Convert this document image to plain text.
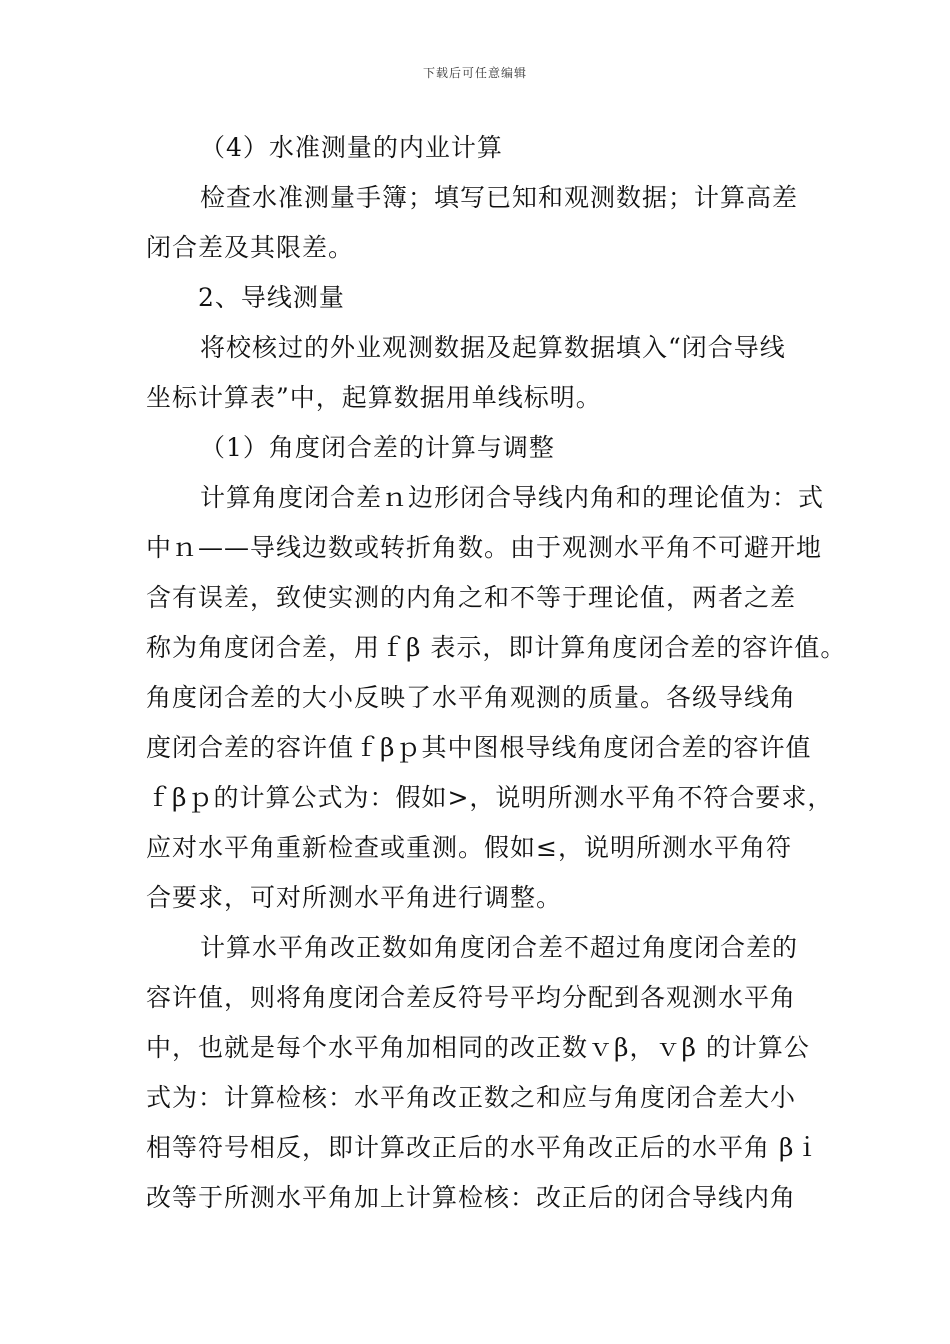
下载后可任意编辑
（4）水准测量的内业计算
检查水准测量手簿；填写已知和观测数据；计算高差
闭合差及其限差。
2、导线测量
将校核过的外业观测数据及起算数据填入“闭合导线
坐标计算表”中，起算数据用单线标明。
（1）角度闭合差的计算与调整
计算角度闭合差ｎ边形闭合导线内角和的理论值为：式
中ｎ——导线边数或转折角数。由于观测水平角不可避开地
含有误差，致使实测的内角之和不等于理论值，两者之差
称为角度闭合差，用ｆβ 表示，即计算角度闭合差的容许值。
角度闭合差的大小反映了水平角观测的质量。各级导线角
度闭合差的容许值ｆβｐ其中图根导线角度闭合差的容许值
ｆβｐ的计算公式为：假如>，说明所测水平角不符合要求，
应对水平角重新检查或重测。假如≤，说明所测水平角符
合要求，可对所测水平角进行调整。
计算水平角改正数如角度闭合差不超过角度闭合差的
容许值，则将角度闭合差反符号平均分配到各观测水平角
中，也就是每个水平角加相同的改正数ｖβ，ｖβ 的计算公
式为：计算检核：水平角改正数之和应与角度闭合差大小
相等符号相反，即计算改正后的水平角改正后的水平角 βｉ
改等于所测水平角加上计算检核：改正后的闭合导线内角
